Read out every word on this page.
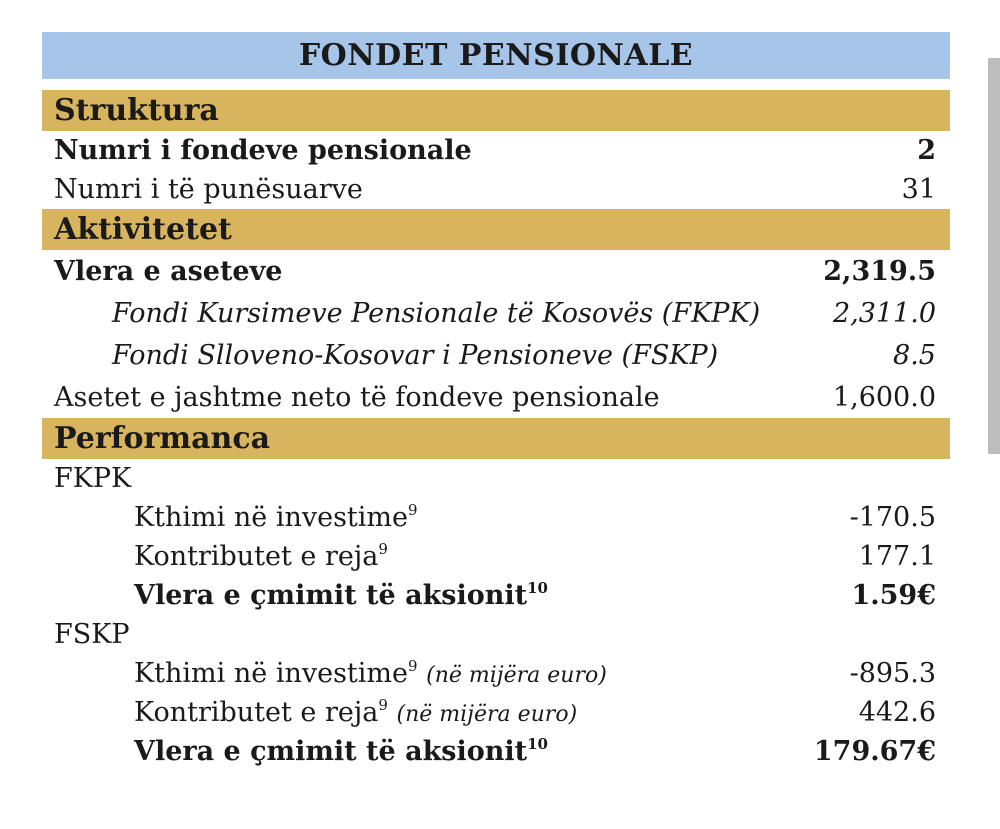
FONDET PENSIONALE
Struktura
Numri i fondeve pensionale	2
Numri i të punësuarve	31
Aktivitetet
Vlera e aseteve	2,319.5
Fondi Kursimeve Pensionale të Kosovës (FKPK)	2,311.0
Fondi Slloveno-Kosovar i Pensioneve (FSKP)	8.5
Asetet e jashtme neto të fondeve pensionale	1,600.0
Performanca
FKPK
Kthimi në investime$^9$	-170.5
Kontributet e reja$^9$	177.1
Vlera e çmimit të aksionit$^{10}$	1.59€
FSKP
Kthimi në investime$^9$ (në mijëra euro)	-895.3
Kontributet e reja$^9$ (në mijëra euro)	442.6
Vlera e çmimit të aksionit$^{10}$	179.67€
